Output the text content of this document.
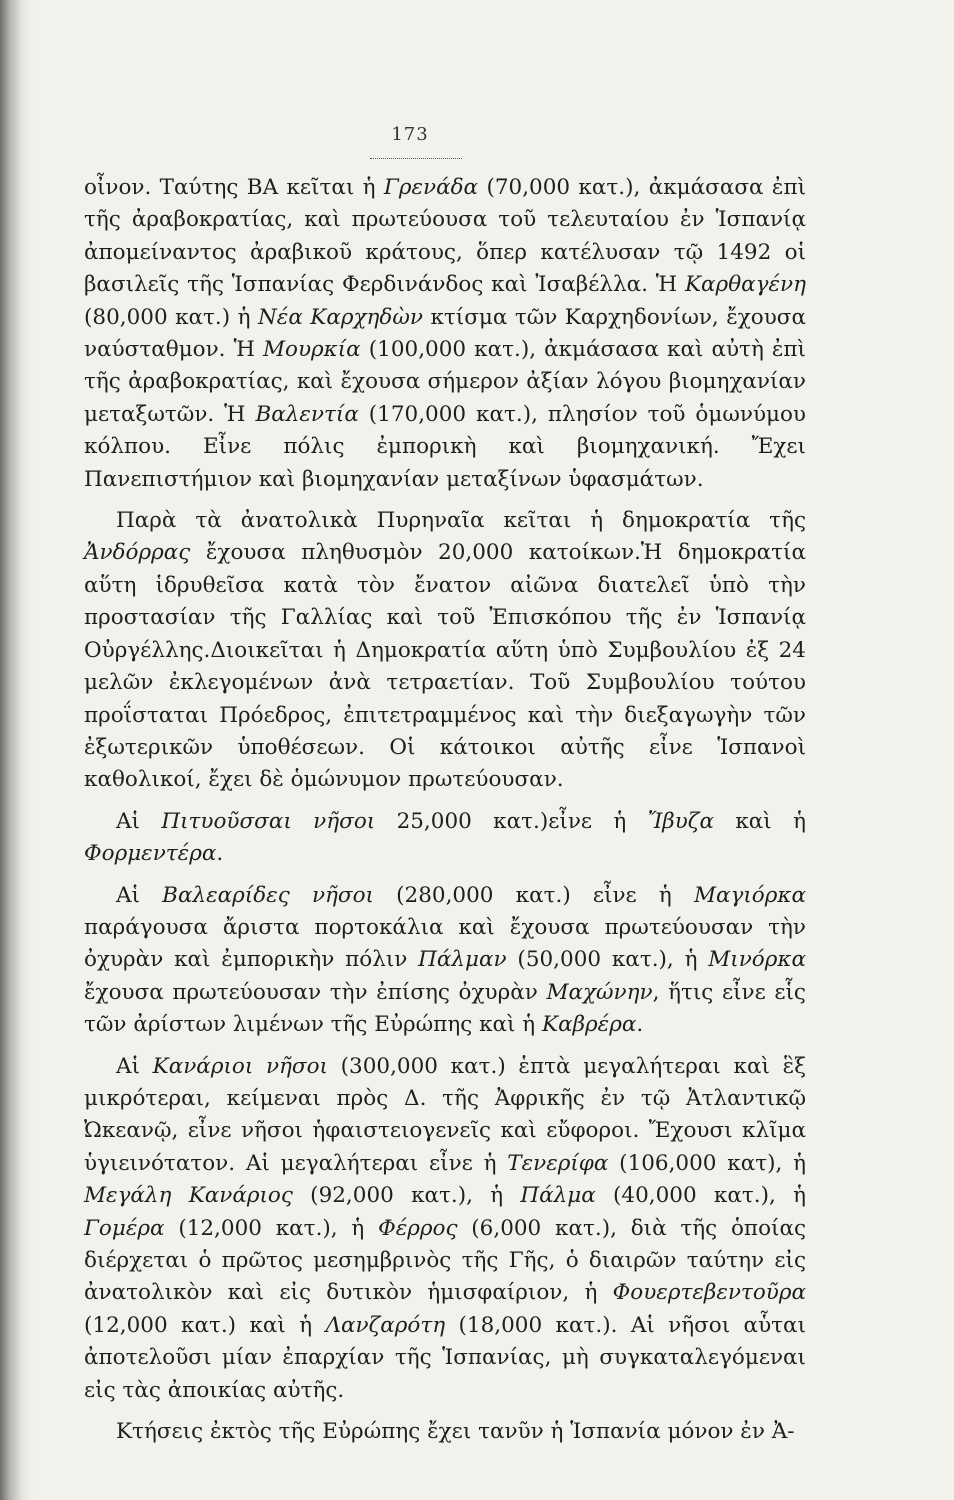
173

οἶνον. Ταύτης ΒΑ κεῖται ἡ Γρενάδα (70,000 κατ.), ἀκμάσασα ἐπὶ τῆς ἀραβοκρατίας, καὶ πρωτεύουσα τοῦ τελευταίου ἐν Ἱσπανίᾳ ἀπομείναντος ἀραβικοῦ κράτους, ὅπερ κατέλυσαν τῷ 1492 οἱ βασιλεῖς τῆς Ἱσπανίας Φερδινάνδος καὶ Ἰσαβέλλα. Ἡ Καρθαγένη (80,000 κατ.) ἡ Νέα Καρχηδὼν κτίσμα τῶν Καρχηδονίων, ἔχουσα ναύσταθμον. Ἡ Μουρκία (100,000 κατ.), ἀκμάσασα καὶ αὐτὴ ἐπὶ τῆς ἀραβοκρατίας, καὶ ἔχουσα σήμερον ἀξίαν λόγου βιομηχανίαν μεταξωτῶν. Ἡ Βαλεντία (170,000 κατ.), πλησίον τοῦ ὁμωνύμου κόλπου. Εἶνε πόλις ἐμπορικὴ καὶ βιομηχανική. Ἔχει Πανεπιστήμιον καὶ βιομηχανίαν μεταξίνων ὑφασμάτων.

Παρὰ τὰ ἀνατολικὰ Πυρηναῖα κεῖται ἡ δημοκρατία τῆς Ἀνδόρρας ἔχουσα πληθυσμὸν 20,000 κατοίκων.Ἡ δημοκρατία αὕτη ἱδρυθεῖσα κατὰ τὸν ἔνατον αἰῶνα διατελεῖ ὑπὸ τὴν προστασίαν τῆς Γαλλίας καὶ τοῦ Ἐπισκόπου τῆς ἐν Ἱσπανίᾳ Οὐργέλλης.Διοικεῖται ἡ Δημοκρατία αὕτη ὑπὸ Συμβουλίου ἐξ 24 μελῶν ἐκλεγομένων ἀνὰ τετραετίαν. Τοῦ Συμβουλίου τούτου προΐσταται Πρόεδρος, ἐπιτετραμμένος καὶ τὴν διεξαγωγὴν τῶν ἐξωτερικῶν ὑποθέσεων. Οἱ κάτοικοι αὐτῆς εἶνε Ἱσπανοὶ καθολικοί, ἔχει δὲ ὁμώνυμον πρωτεύουσαν.

Αἱ Πιτυοῦσσαι νῆσοι 25,000 κατ.)εἶνε ἡ Ἴβυζα καὶ ἡ Φορμεντέρα.

Αἱ Βαλεαρίδες νῆσοι (280,000 κατ.) εἶνε ἡ Μαγιόρκα παράγουσα ἄριστα πορτοκάλια καὶ ἔχουσα πρωτεύουσαν τὴν ὀχυρὰν καὶ ἐμπορικὴν πόλιν Πάλμαν (50,000 κατ.), ἡ Μινόρκα ἔχουσα πρωτεύουσαν τὴν ἐπίσης ὀχυρὰν Μαχώνην, ἥτις εἶνε εἷς τῶν ἀρίστων λιμένων τῆς Εὐρώπης καὶ ἡ Καβρέρα.

Αἱ Κανάριοι νῆσοι (300,000 κατ.) ἑπτὰ μεγαλήτεραι καὶ ἓξ μικρότεραι, κείμεναι πρὸς Δ. τῆς Ἀφρικῆς ἐν τῷ Ἀτλαντικῷ Ὠκεανῷ, εἶνε νῆσοι ἡφαιστειογενεῖς καὶ εὔφοροι. Ἔχουσι κλῖμα ὑγιεινότατον. Αἱ μεγαλήτεραι εἶνε ἡ Τενερίφα (106,000 κατ), ἡ Μεγάλη Κανάριος (92,000 κατ.), ἡ Πάλμα (40,000 κατ.), ἡ Γομέρα (12,000 κατ.), ἡ Φέρρος (6,000 κατ.), διὰ τῆς ὁποίας διέρχεται ὁ πρῶτος μεσημβρινὸς τῆς Γῆς, ὁ διαιρῶν ταύτην εἰς ἀνατολικὸν καὶ εἰς δυτικὸν ἡμισφαίριον, ἡ Φουερτεβεντοῦρα (12,000 κατ.) καὶ ἡ Λανζαρότη (18,000 κατ.). Αἱ νῆσοι αὗται ἀποτελοῦσι μίαν ἐπαρχίαν τῆς Ἱσπανίας, μὴ συγκαταλεγόμεναι εἰς τὰς ἀποικίας αὐτῆς.

Κτήσεις ἐκτὸς τῆς Εὐρώπης ἔχει τανῦν ἡ Ἱσπανία μόνον ἐν Ἀ-
